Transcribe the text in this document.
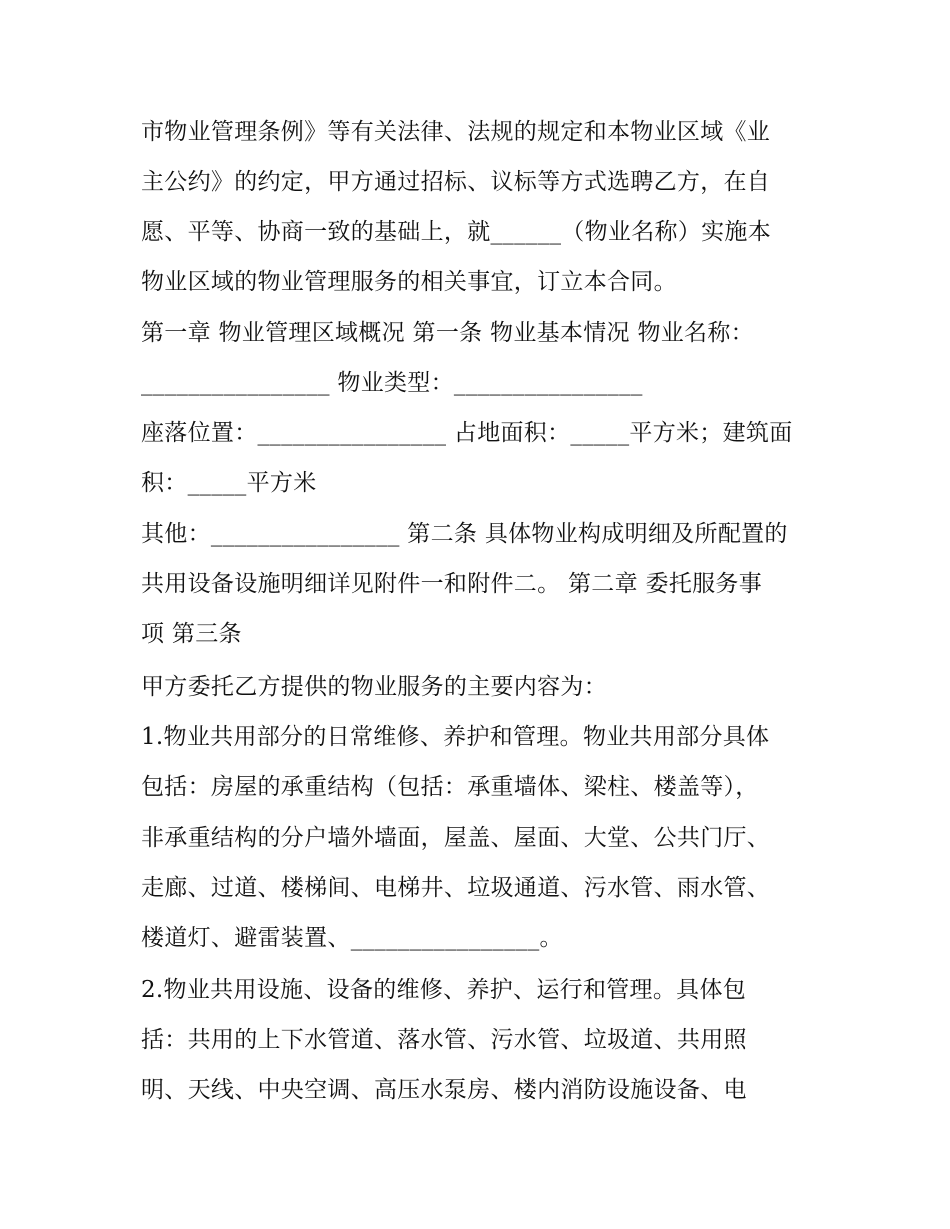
市物业管理条例》等有关法律、法规的规定和本物业区域《业
主公约》的约定，甲方通过招标、议标等方式选聘乙方，在自
愿、平等、协商一致的基础上，就______（物业名称）实施本
物业区域的物业管理服务的相关事宜，订立本合同。
第一章 物业管理区域概况 第一条 物业基本情况 物业名称：
________________ 物业类型：________________
座落位置：________________ 占地面积：_____平方米；建筑面
积：_____平方米
其他：________________ 第二条 具体物业构成明细及所配置的
共用设备设施明细详见附件一和附件二。 第二章 委托服务事
项 第三条
甲方委托乙方提供的物业服务的主要内容为：
1.物业共用部分的日常维修、养护和管理。物业共用部分具体
包括：房屋的承重结构（包括：承重墙体、梁柱、楼盖等），
非承重结构的分户墙外墙面，屋盖、屋面、大堂、公共门厅、
走廊、过道、楼梯间、电梯井、垃圾通道、污水管、雨水管、
楼道灯、避雷装置、________________。
2.物业共用设施、设备的维修、养护、运行和管理。具体包
括：共用的上下水管道、落水管、污水管、垃圾道、共用照
明、天线、中央空调、高压水泵房、楼内消防设施设备、电
